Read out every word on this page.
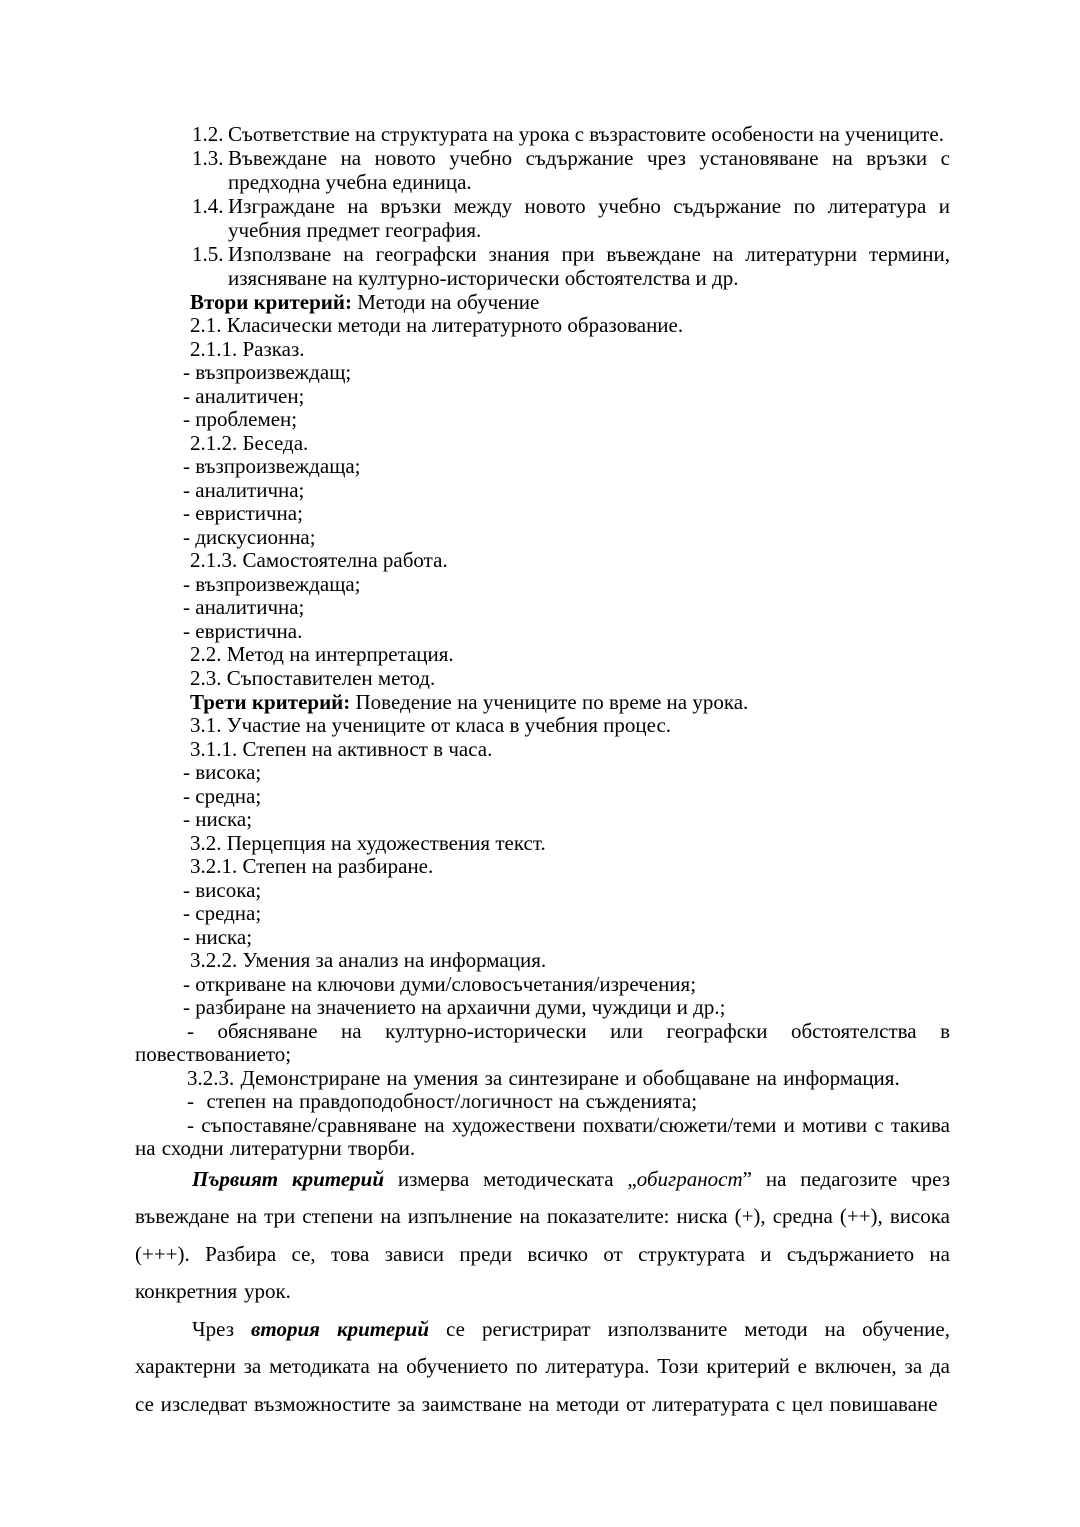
1.2. Съответствие на структурата на урока с възрастовите особености на учениците.
1.3. Въвеждане на новото учебно съдържание чрез установяване на връзки с предходна учебна единица.
1.4. Изграждане на връзки между новото учебно съдържание по литература и учебния предмет география.
1.5. Използване на географски знания при въвеждане на литературни термини, изясняване на културно-исторически обстоятелства и др.
Втори критерий: Методи на обучение
2.1. Класически методи на литературното образование.
2.1.1. Разказ.
- възпроизвеждащ;
- аналитичен;
- проблемен;
2.1.2. Беседа.
- възпроизвеждаща;
- аналитична;
- евристична;
- дискусионна;
2.1.3. Самостоятелна работа.
- възпроизвеждаща;
- аналитична;
- евристична.
2.2. Метод на интерпретация.
2.3. Съпоставителен метод.
Трети критерий: Поведение на учениците по време на урока.
3.1. Участие на учениците от класа в учебния процес.
3.1.1. Степен на активност в часа.
- висока;
- средна;
- ниска;
3.2. Перцепция на художествения текст.
3.2.1. Степен на разбиране.
- висока;
- средна;
- ниска;
3.2.2. Умения за анализ на информация.
- откриване на ключови думи/словосъчетания/изречения;
- разбиране на значението на архаични думи, чуждици и др.;

- обясняване на културно-исторически или географски обстоятелства в повествованието;

3.2.3. Демонстриране на умения за синтезиране и обобщаване на информация.

-  степен на правдоподобност/логичност на съжденията;

- съпоставяне/сравняване на художествени похвати/сюжети/теми и мотиви с такива на сходни литературни творби.

Първият критерий измерва методическата „обиграност” на педагозите чрез въвеждане на три степени на изпълнение на показателите: ниска (+), средна (++), висока (+++). Разбира се, това зависи преди всичко от структурата и съдържанието на конкретния урок.

Чрез втория критерий се регистрират използваните методи на обучение, характерни за методиката на обучението по литература. Този критерий е включен, за да се изследват възможностите за заимстване на методи от литературата с цел повишаване
